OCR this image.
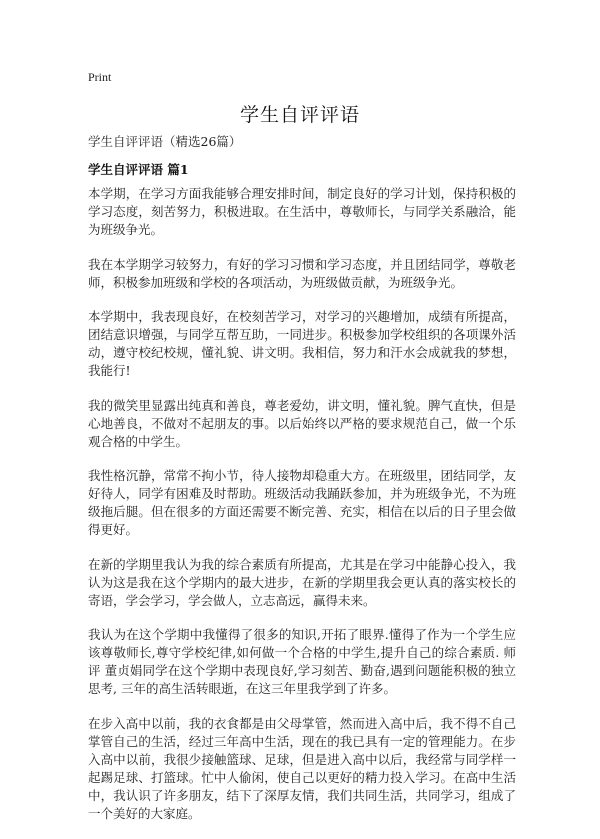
Print
学生自评评语
学生自评评语（精选26篇）
学生自评评语 篇1

本学期，在学习方面我能够合理安排时间，制定良好的学习计划，保持积极的学习态度，刻苦努力，积极进取。在生活中，尊敬师长，与同学关系融洽，能为班级争光。

我在本学期学习较努力，有好的学习习惯和学习态度，并且团结同学，尊敬老师，积极参加班级和学校的各项活动，为班级做贡献，为班级争光。

本学期中，我表现良好，在校刻苦学习，对学习的兴趣增加，成绩有所提高，团结意识增强，与同学互帮互助，一同进步。积极参加学校组织的各项课外活动，遵守校纪校规，懂礼貌、讲文明。我相信，努力和汗水会成就我的梦想，我能行!

我的微笑里显露出纯真和善良，尊老爱幼，讲文明，懂礼貌。脾气直快，但是心地善良，不做对不起朋友的事。以后始终以严格的要求规范自己，做一个乐观合格的中学生。

我性格沉静，常常不拘小节，待人接物却稳重大方。在班级里，团结同学，友好待人，同学有困难及时帮助。班级活动我踊跃参加，并为班级争光，不为班级拖后腿。但在很多的方面还需要不断完善、充实，相信在以后的日子里会做得更好。

在新的学期里我认为我的综合素质有所提高，尤其是在学习中能静心投入，我认为这是我在这个学期内的最大进步，在新的学期里我会更认真的落实校长的寄语，学会学习，学会做人，立志高远，赢得未来。

我认为在这个学期中我懂得了很多的知识,开拓了眼界.懂得了作为一个学生应该尊敬师长,尊守学校纪律,如何做一个合格的中学生,提升自己的综合素质. 师评 董贞娟同学在这个学期中表现良好,学习刻苦、勤奋,遇到问题能积极的独立思考, 三年的高生活转眼逝，在这三年里我学到了许多。

在步入高中以前，我的衣食都是由父母掌管，然而进入高中后，我不得不自己掌管自己的生活，经过三年高中生活，现在的我已具有一定的管理能力。在步入高中以前，我很少接触篮球、足球，但是进入高中以后，我经常与同学样一起踢足球、打篮球。忙中人偷闲，使自己以更好的精力投入学习。在高中生活中，我认识了许多朋友，结下了深厚友情，我们共同生活，共同学习，组成了一个美好的大家庭。
